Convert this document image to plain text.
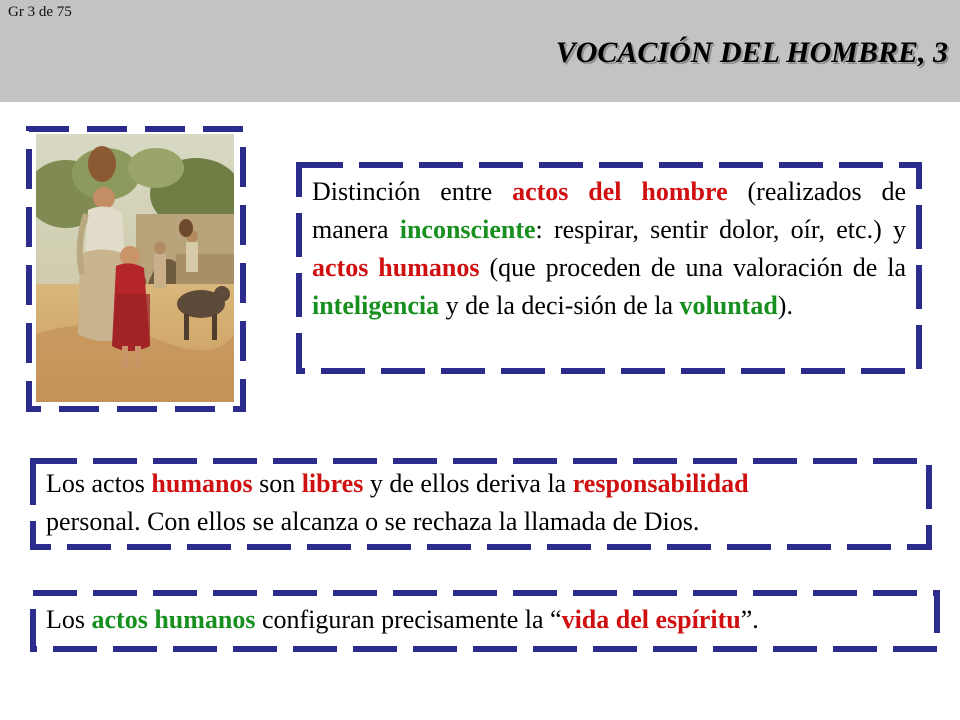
Gr 3 de 75
VOCACIÓN DEL HOMBRE, 3
Distinción entre actos del hombre (realizados de manera inconsciente: respirar, sentir dolor, oír, etc.) y actos humanos (que proceden de una valoración de la inteligencia y de la deci-sión de la voluntad).
Los actos humanos son libres y de ellos deriva la responsabilidad
personal. Con ellos se alcanza o se rechaza la llamada de Dios.
Los actos humanos configuran precisamente la “vida del espíritu”.
